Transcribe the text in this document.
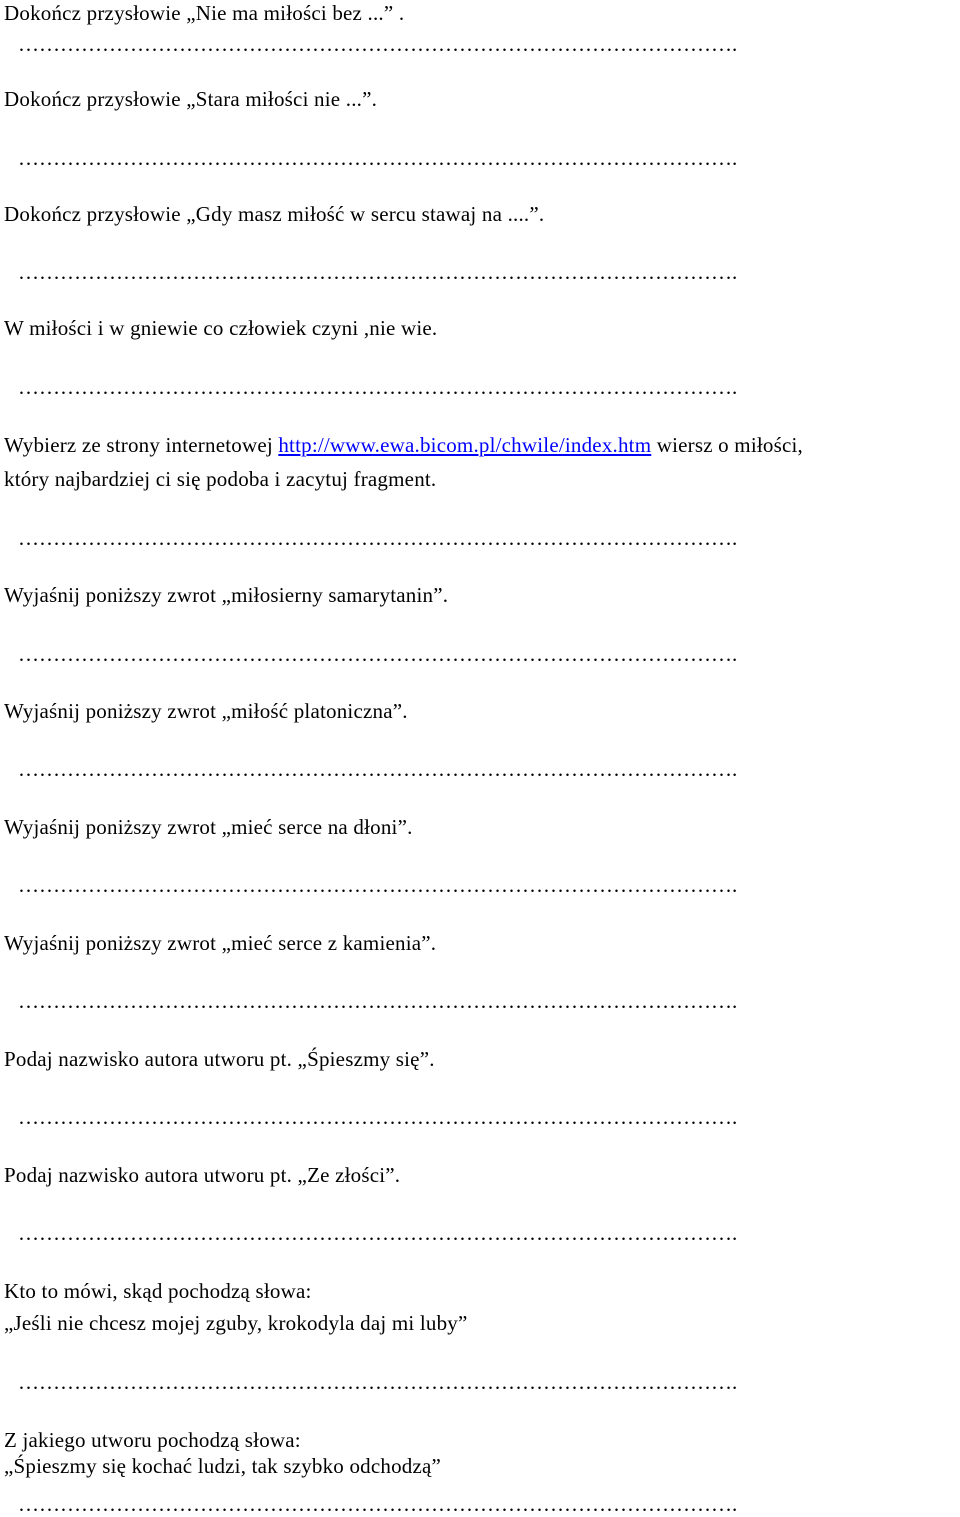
Dokończ przysłowie „Nie ma miłości bez ...” .
………………………………………………………………………………………….
Dokończ przysłowie „Stara miłości nie ...”.
………………………………………………………………………………………….
Dokończ przysłowie „Gdy masz miłość w sercu stawaj na ....”.
………………………………………………………………………………………….
W miłości i w gniewie co człowiek czyni ,nie wie.
………………………………………………………………………………………….
Wybierz ze strony internetowej http://www.ewa.bicom.pl/chwile/index.htm wiersz o miłości,
który najbardziej ci się podoba i zacytuj fragment.
………………………………………………………………………………………….
Wyjaśnij poniższy zwrot „miłosierny samarytanin”.
………………………………………………………………………………………….
Wyjaśnij poniższy zwrot „miłość platoniczna”.
………………………………………………………………………………………….
Wyjaśnij poniższy zwrot „mieć serce na dłoni”.
………………………………………………………………………………………….
Wyjaśnij poniższy zwrot „mieć serce z kamienia”.
………………………………………………………………………………………….
Podaj nazwisko autora utworu pt. „Śpieszmy się”.
………………………………………………………………………………………….
Podaj nazwisko autora utworu pt. „Ze złości”.
………………………………………………………………………………………….
Kto to mówi, skąd pochodzą słowa:
„Jeśli nie chcesz mojej zguby, krokodyla daj mi luby”
………………………………………………………………………………………….
Z jakiego utworu pochodzą słowa:
„Śpieszmy się kochać ludzi, tak szybko odchodzą”
………………………………………………………………………………………….
